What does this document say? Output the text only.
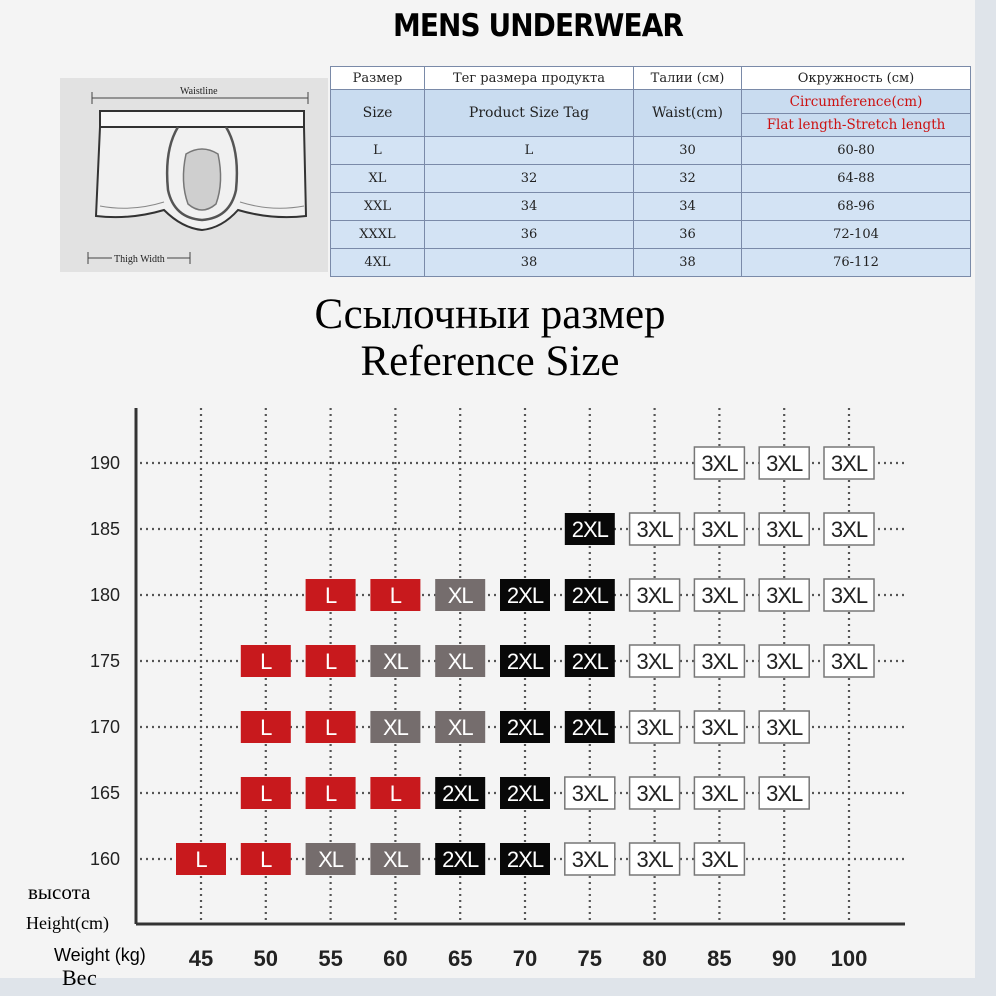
MENS UNDERWEAR
Waistline
Thigh Width
Размер	Тег размера продукта	Талии (см)	Окружность (см)
Size	Product Size Tag	Waist(cm)	Circumference(cm)
Flat length-Stretch length

L	L	30	60-80
XL	32	32	64-88
XXL	34	34	68-96
XXXL	36	36	72-104
4XL	38	38	76-112
Ссылочныи размер
Reference Size
190
185
180
175
170
165
160
45 50 55 60 65 70 75 80 85 90 100
3XL 3XL 3XL
2XL 3XL 3XL 3XL 3XL
L L XL 2XL 2XL 3XL 3XL 3XL 3XL
L L XL XL 2XL 2XL 3XL 3XL 3XL 3XL
L L XL XL 2XL 2XL 3XL 3XL 3XL
L L L 2XL 2XL 3XL 3XL 3XL 3XL
L L XL XL 2XL 2XL 3XL 3XL 3XL
высота
Height(cm)
Weight (kg)
Вес
